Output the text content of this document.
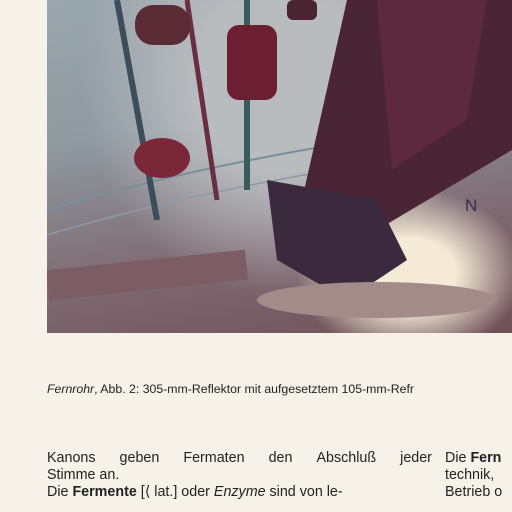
N
Fernrohr, Abb. 2: 305-mm-Reflektor mit aufgesetztem 105-mm-Refr
Kanons geben Fermaten den Abschluß jeder
Stimme an.
Die Fermente [⟨ lat.] oder Enzyme sind von le-
Die Fern
technik,
Betrieb o
